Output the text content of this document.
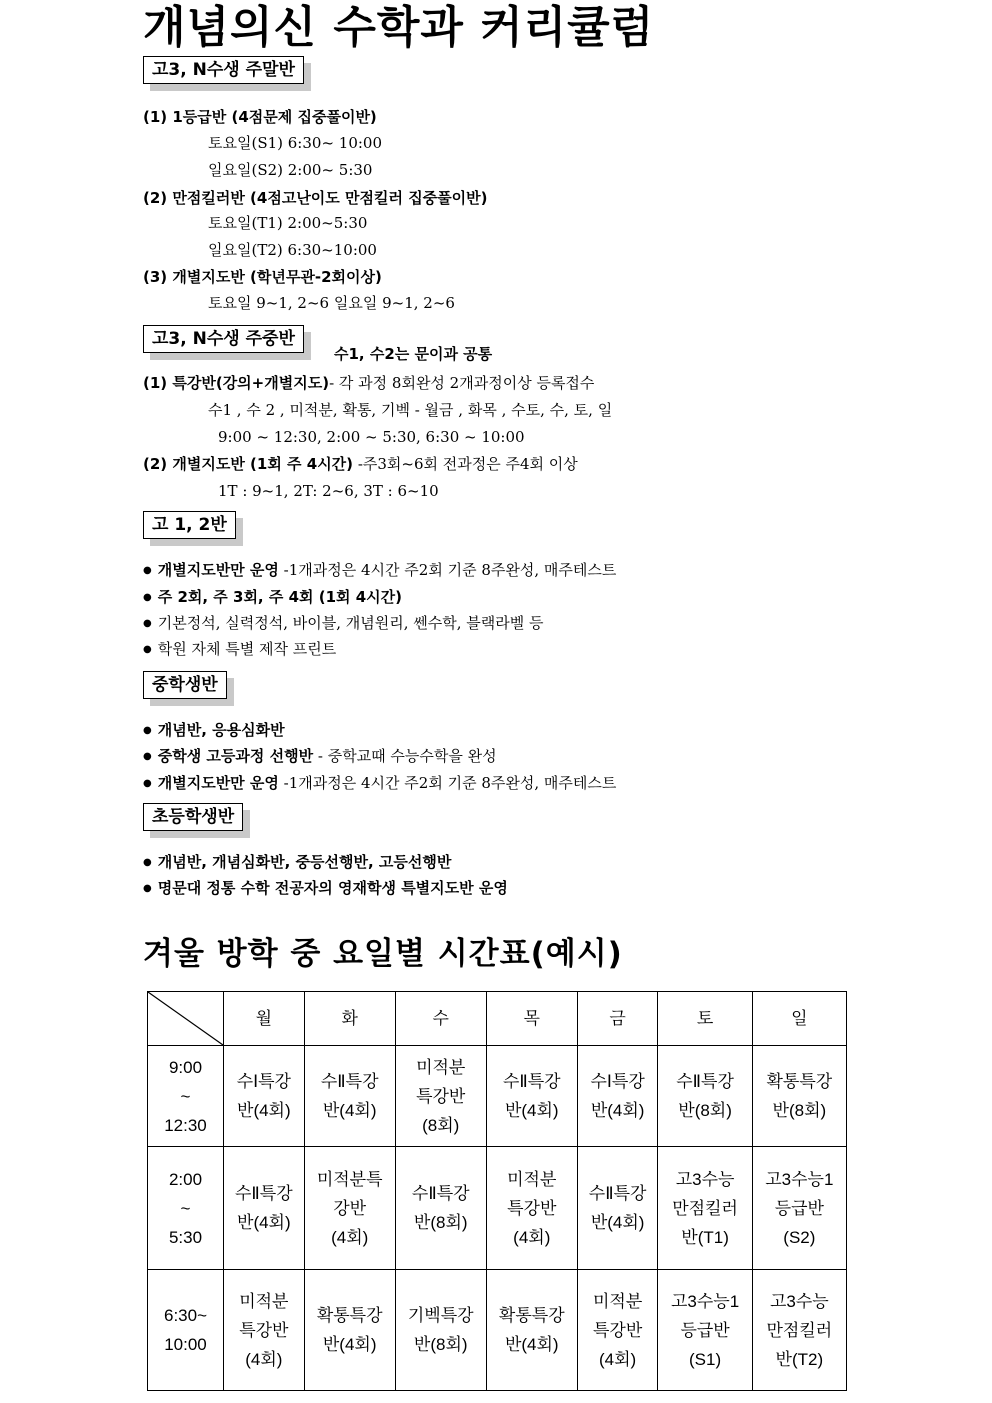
개념의신 수학과 커리큘럼
고3, N수생 주말반
(1) 1등급반 (4점문제 집중풀이반)
토요일(S1) 6:30~ 10:00
일요일(S2) 2:00~ 5:30
(2) 만점킬러반 (4점고난이도 만점킬러 집중풀이반)
토요일(T1) 2:00~5:30
일요일(T2) 6:30~10:00
(3) 개별지도반 (학년무관-2회이상)
토요일 9~1, 2~6 일요일 9~1, 2~6
고3, N수생 주중반
수1, 수2는 문이과 공통
(1) 특강반(강의+개별지도)- 각 과정 8회완성 2개과정이상 등록접수
수1 , 수 2 , 미적분, 확통, 기벡 - 월금 , 화목 , 수토, 수, 토, 일
9:00 ~ 12:30, 2:00 ~ 5:30, 6:30 ~ 10:00
(2) 개별지도반 (1회 주 4시간) -주3회~6회 전과정은 주4회 이상
1T : 9~1, 2T: 2~6, 3T : 6~10
고 1, 2반
● 개별지도반만 운영 -1개과정은 4시간 주2회 기준 8주완성, 매주테스트
● 주 2회, 주 3회, 주 4회 (1회 4시간)
● 기본정석, 실력정석, 바이블, 개념원리, 쎈수학, 블랙라벨 등
● 학원 자체 특별 제작 프린트
중학생반
● 개념반, 응용심화반
● 중학생 고등과정 선행반 - 중학교때 수능수학을 완성
● 개별지도반만 운영 -1개과정은 4시간 주2회 기준 8주완성, 매주테스트
초등학생반
● 개념반, 개념심화반, 중등선행반, 고등선행반
● 명문대 정통 수학 전공자의 영재학생 특별지도반 운영
겨울 방학 중 요일별 시간표(예시)
	월	화	수	목	금	토	일

9:00
~
12:30	수Ⅰ특강
반(4회)	수Ⅱ특강
반(4회)	미적분
특강반
(8회)	수Ⅱ특강
반(4회)	수Ⅰ특강
반(4회)	수Ⅱ특강
반(8회)	확통특강
반(8회)

2:00
~
5:30	수Ⅱ특강
반(4회)	미적분특
강반
(4회)	수Ⅱ특강
반(8회)	미적분
특강반
(4회)	수Ⅱ특강
반(4회)	고3수능
만점킬러
반(T1)	고3수능1
등급반
(S2)

6:30~
10:00	미적분
특강반
(4회)	확통특강
반(4회)	기벡특강
반(8회)	확통특강
반(4회)	미적분
특강반
(4회)	고3수능1
등급반
(S1)	고3수능
만점킬러
반(T2)
